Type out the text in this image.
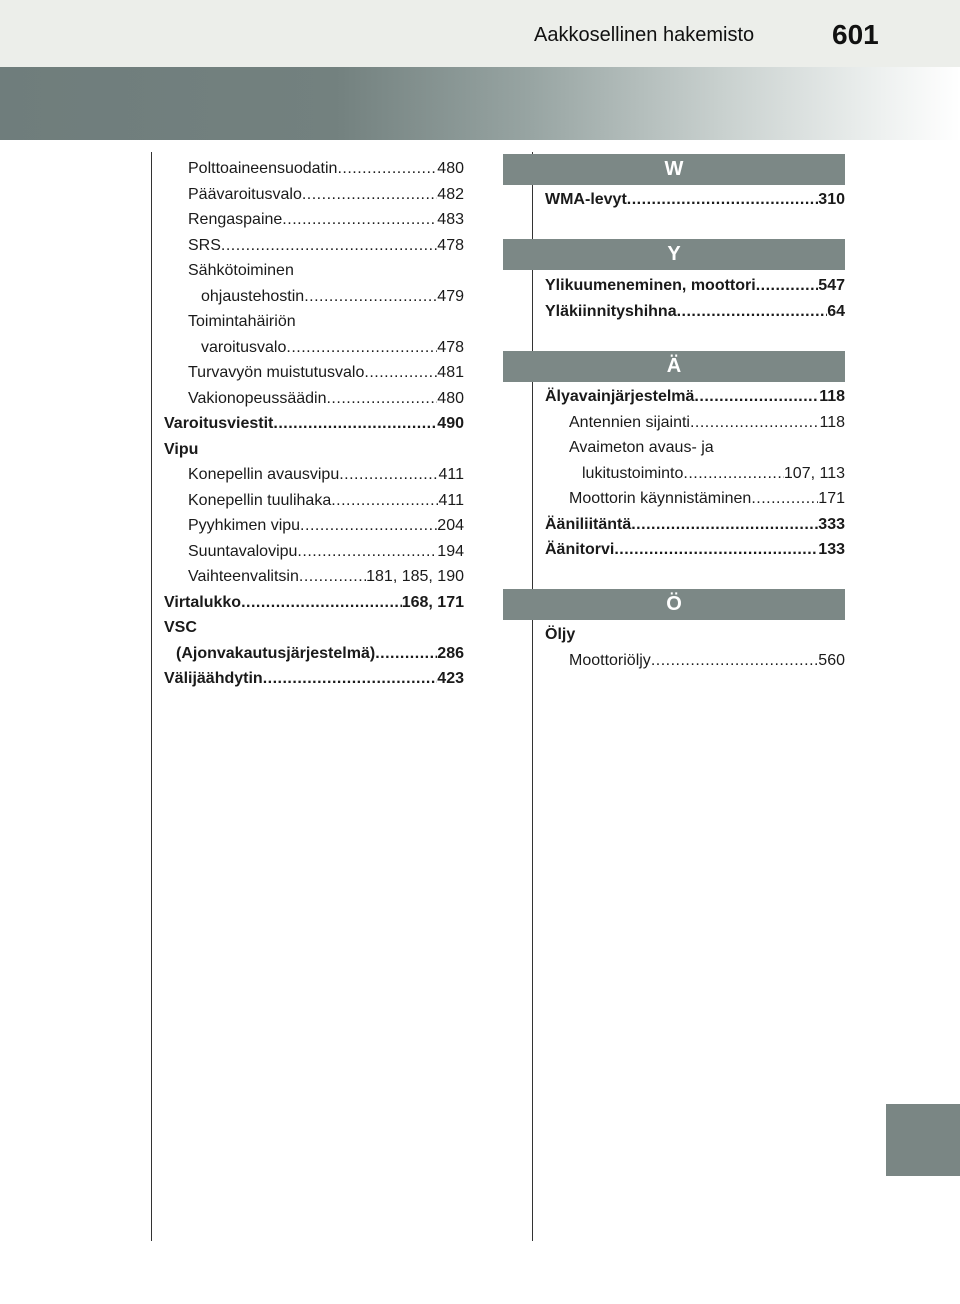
Aakkosellinen hakemisto	601
Polttoaineensuodatin .....	480
Päävaroitusvalo .....	482
Rengaspaine .....	483
SRS .....	478
Sähkötoiminen
ohjaustehostin .....	479
Toimintahäiriön
varoitusvalo .....	478
Turvavyön muistutusvalo .....	481
Vakionopeussäädin .....	480
Varoitusviestit .....	490
Vipu
Konepellin avausvipu .....	411
Konepellin tuulihaka .....	411
Pyyhkimen vipu .....	204
Suuntavalovipu .....	194
Vaihteenvalitsin .....	181, 185, 190
Virtalukko .....	168, 171
VSC
(Ajonvakautusjärjestelmä) .....	286
Välijäähdytin .....	423
W
WMA-levyt .....	310
Y
Ylikuumeneminen, moottori .....	547
Yläkiinnityshihna .....	64
Ä
Älyavainjärjestelmä .....	118
Antennien sijainti .....	118
Avaimeton avaus- ja
lukitustoiminto .....	107, 113
Moottorin käynnistäminen .....	171
Ääniliitäntä .....	333
Äänitorvi .....	133
Ö
Öljy
Moottoriöljy .....	560
